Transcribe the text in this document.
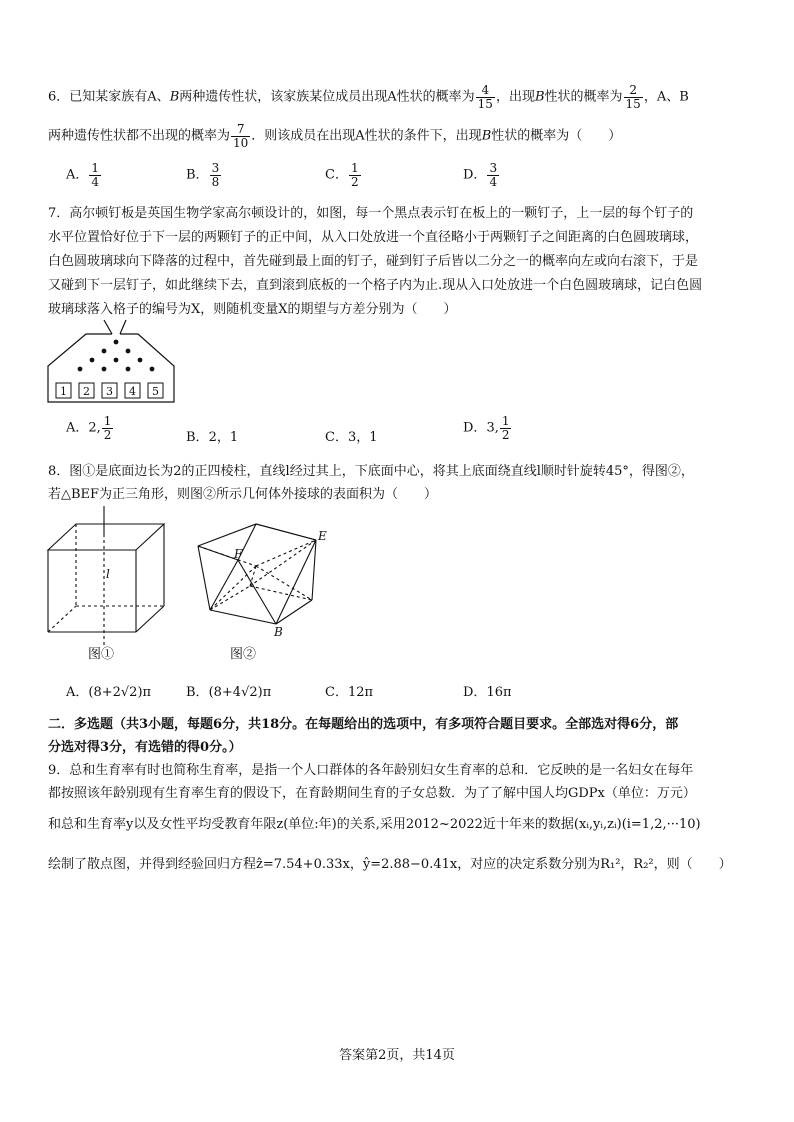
6．已知某家族有A、B两种遗传性状，该家族某位成员出现A性状的概率为 $\frac{4}{15}$ ，出现B性状的概率为 $\frac{2}{15}$ ，A、B
两种遗传性状都不出现的概率为 $\frac{7}{10}$ ．则该成员在出现A性状的条件下，出现B性状的概率为（　　）
A． $\frac{1}{4}$	B． $\frac{3}{8}$	C． $\frac{1}{2}$	D． $\frac{3}{4}$
7．高尔顿钉板是英国生物学家高尔顿设计的，如图，每一个黑点表示钉在板上的一颗钉子，上一层的每个钉子的
水平位置恰好位于下一层的两颗钉子的正中间，从入口处放进一个直径略小于两颗钉子之间距离的白色圆玻璃球，
白色圆玻璃球向下降落的过程中，首先碰到最上面的钉子，碰到钉子后皆以二分之一的概率向左或向右滚下，于是
又碰到下一层钉子，如此继续下去，直到滚到底板的一个格子内为止.现从入口处放进一个白色圆玻璃球，记白色圆
玻璃球落入格子的编号为X，则随机变量X的期望与方差分别为（　　）
1 2 3 4 5
A．2, $\frac{1}{2}$	B．2，1	C．3，1
D．3, $\frac{1}{2}$
8．图①是底面边长为2的正四棱柱，直线l经过其上，下底面中心，将其上底面绕直线l顺时针旋转45°，得图②，
若△BEF为正三角形，则图②所示几何体外接球的表面积为（　　）
l
图①
F
E
B
图②
A．(8+2√2)π	B．(8+4√2)π	C．12π	D．16π
二．多选题（共3小题，每题6分，共18分。在每题给出的选项中，有多项符合题目要求。全部选对得6分，部
分选对得3分，有选错的得0分。）
9．总和生育率有时也简称生育率，是指一个人口群体的各年龄别妇女生育率的总和．它反映的是一名妇女在每年
都按照该年龄别现有生育率生育的假设下，在育龄期间生育的子女总数．为了了解中国人均GDPx（单位：万元）
和总和生育率y以及女性平均受教育年限z(单位:年)的关系,采用2012~2022近十年来的数据(xᵢ,yᵢ,zᵢ)(i=1,2,···10)
绘制了散点图，并得到经验回归方程ẑ=7.54+0.33x，ŷ=2.88−0.41x，对应的决定系数分别为R₁²，R₂²，则（　　）
答案第2页，共14页
